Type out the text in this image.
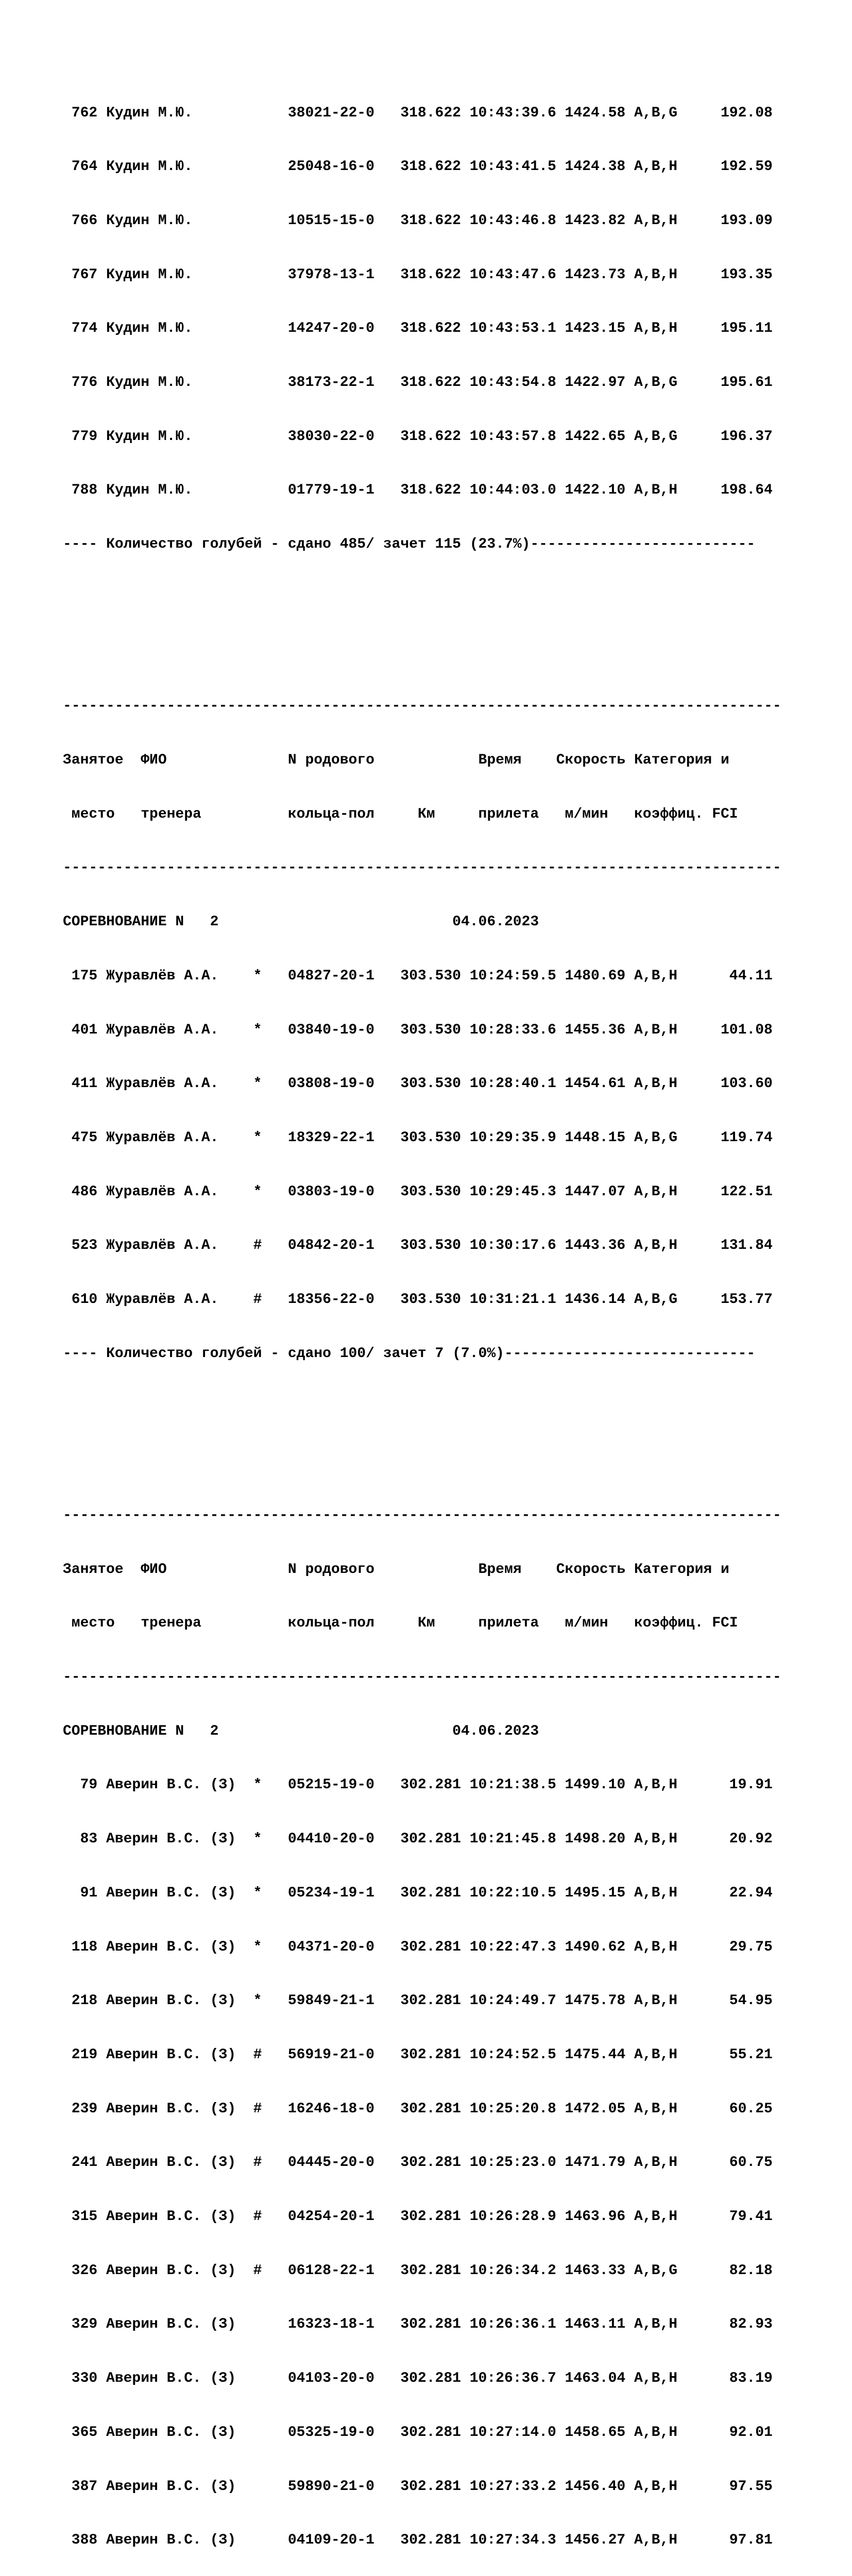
762 Кудин М.Ю.           38021-22-0   318.622 10:43:39.6 1424.58 A,B,G     192.08

764 Кудин М.Ю.           25048-16-0   318.622 10:43:41.5 1424.38 A,B,H     192.59

766 Кудин М.Ю.           10515-15-0   318.622 10:43:46.8 1423.82 A,B,H     193.09

767 Кудин М.Ю.           37978-13-1   318.622 10:43:47.6 1423.73 A,B,H     193.35

774 Кудин М.Ю.           14247-20-0   318.622 10:43:53.1 1423.15 A,B,H     195.11

776 Кудин М.Ю.           38173-22-1   318.622 10:43:54.8 1422.97 A,B,G     195.61

779 Кудин М.Ю.           38030-22-0   318.622 10:43:57.8 1422.65 A,B,G     196.37

788 Кудин М.Ю.           01779-19-1   318.622 10:44:03.0 1422.10 A,B,H     198.64

---- Количество голубей - сдано 485/ зачет 115 (23.7%)--------------------------

-----------------------------------------------------------------------------------

Занятое  ФИО              N родового            Время    Скорость Категория и

место   тренера          кольца-пол     Км     прилета   м/мин   коэффиц. FCI

-----------------------------------------------------------------------------------

СОРЕВНОВАНИЕ N   2                           04.06.2023

175 Журавлёв А.А.    *   04827-20-1   303.530 10:24:59.5 1480.69 A,B,H      44.11

401 Журавлёв А.А.    *   03840-19-0   303.530 10:28:33.6 1455.36 A,B,H     101.08

411 Журавлёв А.А.    *   03808-19-0   303.530 10:28:40.1 1454.61 A,B,H     103.60

475 Журавлёв А.А.    *   18329-22-1   303.530 10:29:35.9 1448.15 A,B,G     119.74

486 Журавлёв А.А.    *   03803-19-0   303.530 10:29:45.3 1447.07 A,B,H     122.51

523 Журавлёв А.А.    #   04842-20-1   303.530 10:30:17.6 1443.36 A,B,H     131.84

610 Журавлёв А.А.    #   18356-22-0   303.530 10:31:21.1 1436.14 A,B,G     153.77

---- Количество голубей - сдано 100/ зачет 7 (7.0%)-----------------------------

-----------------------------------------------------------------------------------

Занятое  ФИО              N родового            Время    Скорость Категория и

место   тренера          кольца-пол     Км     прилета   м/мин   коэффиц. FCI

-----------------------------------------------------------------------------------

СОРЕВНОВАНИЕ N   2                           04.06.2023

79 Аверин В.С. (З)  *   05215-19-0   302.281 10:21:38.5 1499.10 A,B,H      19.91

83 Аверин В.С. (З)  *   04410-20-0   302.281 10:21:45.8 1498.20 A,B,H      20.92

91 Аверин В.С. (З)  *   05234-19-1   302.281 10:22:10.5 1495.15 A,B,H      22.94

118 Аверин В.С. (З)  *   04371-20-0   302.281 10:22:47.3 1490.62 A,B,H      29.75

218 Аверин В.С. (З)  *   59849-21-1   302.281 10:24:49.7 1475.78 A,B,H      54.95

219 Аверин В.С. (З)  #   56919-21-0   302.281 10:24:52.5 1475.44 A,B,H      55.21

239 Аверин В.С. (З)  #   16246-18-0   302.281 10:25:20.8 1472.05 A,B,H      60.25

241 Аверин В.С. (З)  #   04445-20-0   302.281 10:25:23.0 1471.79 A,B,H      60.75

315 Аверин В.С. (З)  #   04254-20-1   302.281 10:26:28.9 1463.96 A,B,H      79.41

326 Аверин В.С. (З)  #   06128-22-1   302.281 10:26:34.2 1463.33 A,B,G      82.18

329 Аверин В.С. (З)      16323-18-1   302.281 10:26:36.1 1463.11 A,B,H      82.93

330 Аверин В.С. (З)      04103-20-0   302.281 10:26:36.7 1463.04 A,B,H      83.19

365 Аверин В.С. (З)      05325-19-0   302.281 10:27:14.0 1458.65 A,B,H      92.01

387 Аверин В.С. (З)      59890-21-0   302.281 10:27:33.2 1456.40 A,B,H      97.55

388 Аверин В.С. (З)      04109-20-1   302.281 10:27:34.3 1456.27 A,B,H      97.81
